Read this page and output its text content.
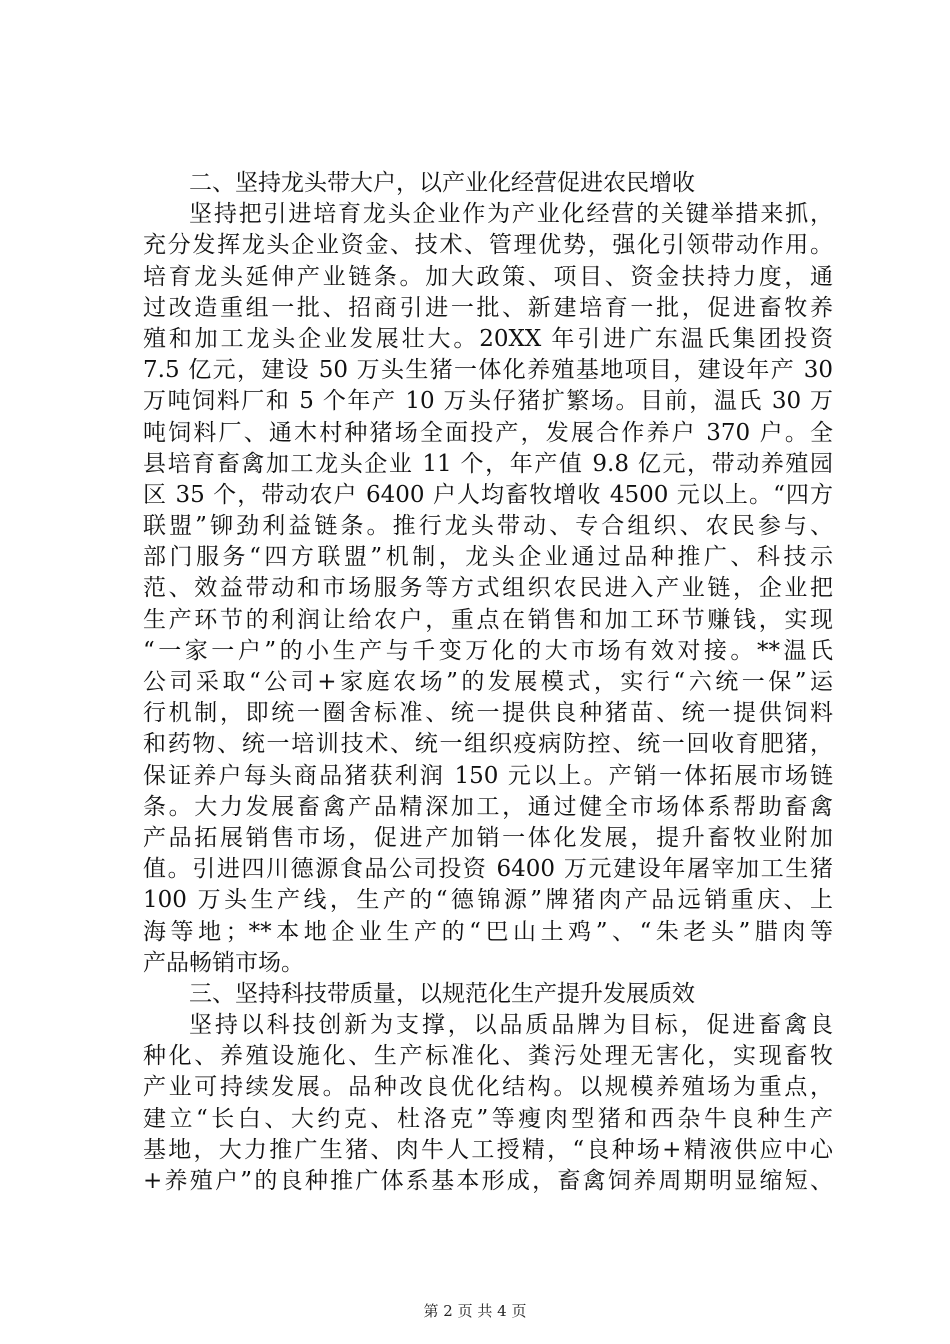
二、坚持龙头带大户，以产业化经营促进农民增收
坚持把引进培育龙头企业作为产业化经营的关键举措来抓，
充分发挥龙头企业资金、技术、管理优势，强化引领带动作用。
培育龙头延伸产业链条。加大政策、项目、资金扶持力度，通
过改造重组一批、招商引进一批、新建培育一批，促进畜牧养
殖和加工龙头企业发展壮大。20XX 年引进广东温氏集团投资
7.5 亿元，建设 50 万头生猪一体化养殖基地项目，建设年产 30
万吨饲料厂和 5 个年产 10 万头仔猪扩繁场。目前，温氏 30 万
吨饲料厂、通木村种猪场全面投产，发展合作养户 370 户。全
县培育畜禽加工龙头企业 11 个，年产值 9.8 亿元，带动养殖园
区 35 个，带动农户 6400 户人均畜牧增收 4500 元以上。“四方
联盟”铆劲利益链条。推行龙头带动、专合组织、农民参与、
部门服务“四方联盟”机制，龙头企业通过品种推广、科技示
范、效益带动和市场服务等方式组织农民进入产业链，企业把
生产环节的利润让给农户，重点在销售和加工环节赚钱，实现
“一家一户”的小生产与千变万化的大市场有效对接。**温氏
公司采取“公司+家庭农场”的发展模式，实行“六统一保”运
行机制，即统一圈舍标准、统一提供良种猪苗、统一提供饲料
和药物、统一培训技术、统一组织疫病防控、统一回收育肥猪，
保证养户每头商品猪获利润 150 元以上。产销一体拓展市场链
条。大力发展畜禽产品精深加工，通过健全市场体系帮助畜禽
产品拓展销售市场，促进产加销一体化发展，提升畜牧业附加
值。引进四川德源食品公司投资 6400 万元建设年屠宰加工生猪
100 万头生产线，生产的“德锦源”牌猪肉产品远销重庆、上
海等地；**本地企业生产的“巴山土鸡”、“朱老头”腊肉等
产品畅销市场。
三、坚持科技带质量，以规范化生产提升发展质效
坚持以科技创新为支撑，以品质品牌为目标，促进畜禽良
种化、养殖设施化、生产标准化、粪污处理无害化，实现畜牧
产业可持续发展。品种改良优化结构。以规模养殖场为重点，
建立“长白、大约克、杜洛克”等瘦肉型猪和西杂牛良种生产
基地，大力推广生猪、肉牛人工授精，“良种场+精液供应中心
+养殖户”的良种推广体系基本形成，畜禽饲养周期明显缩短、
第 2 页 共 4 页
